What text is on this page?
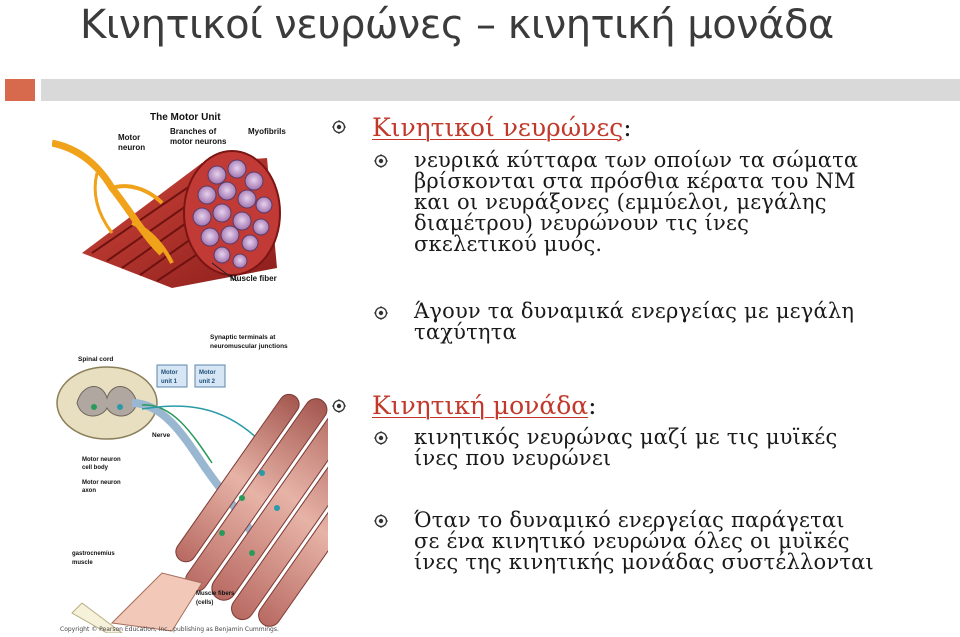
Κινητικοί νευρώνες – κινητική μονάδα
The Motor Unit
Motor neuron
Branches of motor neurons
Myofibrils
Muscle fiber
Synaptic terminals at neuromuscular junctions
Spinal cord
Motor unit 1
Motor unit 2
Nerve
Motor neuron cell body
Motor neuron axon
gastrocnemius muscle
Muscle fibers (cells)
Copyright © Pearson Education, Inc., publishing as Benjamin Cummings.
Κινητικοί νευρώνες:
νευρικά κύτταρα των οποίων τα σώματα
βρίσκονται στα πρόσθια κέρατα του ΝΜ
και οι νευράξονες (εμμύελοι, μεγάλης
διαμέτρου) νευρώνουν τις ίνες
σκελετικού μυός.
Άγουν τα δυναμικά ενεργείας με μεγάλη
ταχύτητα
Κινητική μονάδα:
κινητικός νευρώνας μαζί με τις μυϊκές
ίνες που νευρώνει
Όταν το δυναμικό ενεργείας παράγεται
σε ένα κινητικό νευρώνα όλες οι μυϊκές
ίνες της κινητικής μονάδας συστέλλονται
